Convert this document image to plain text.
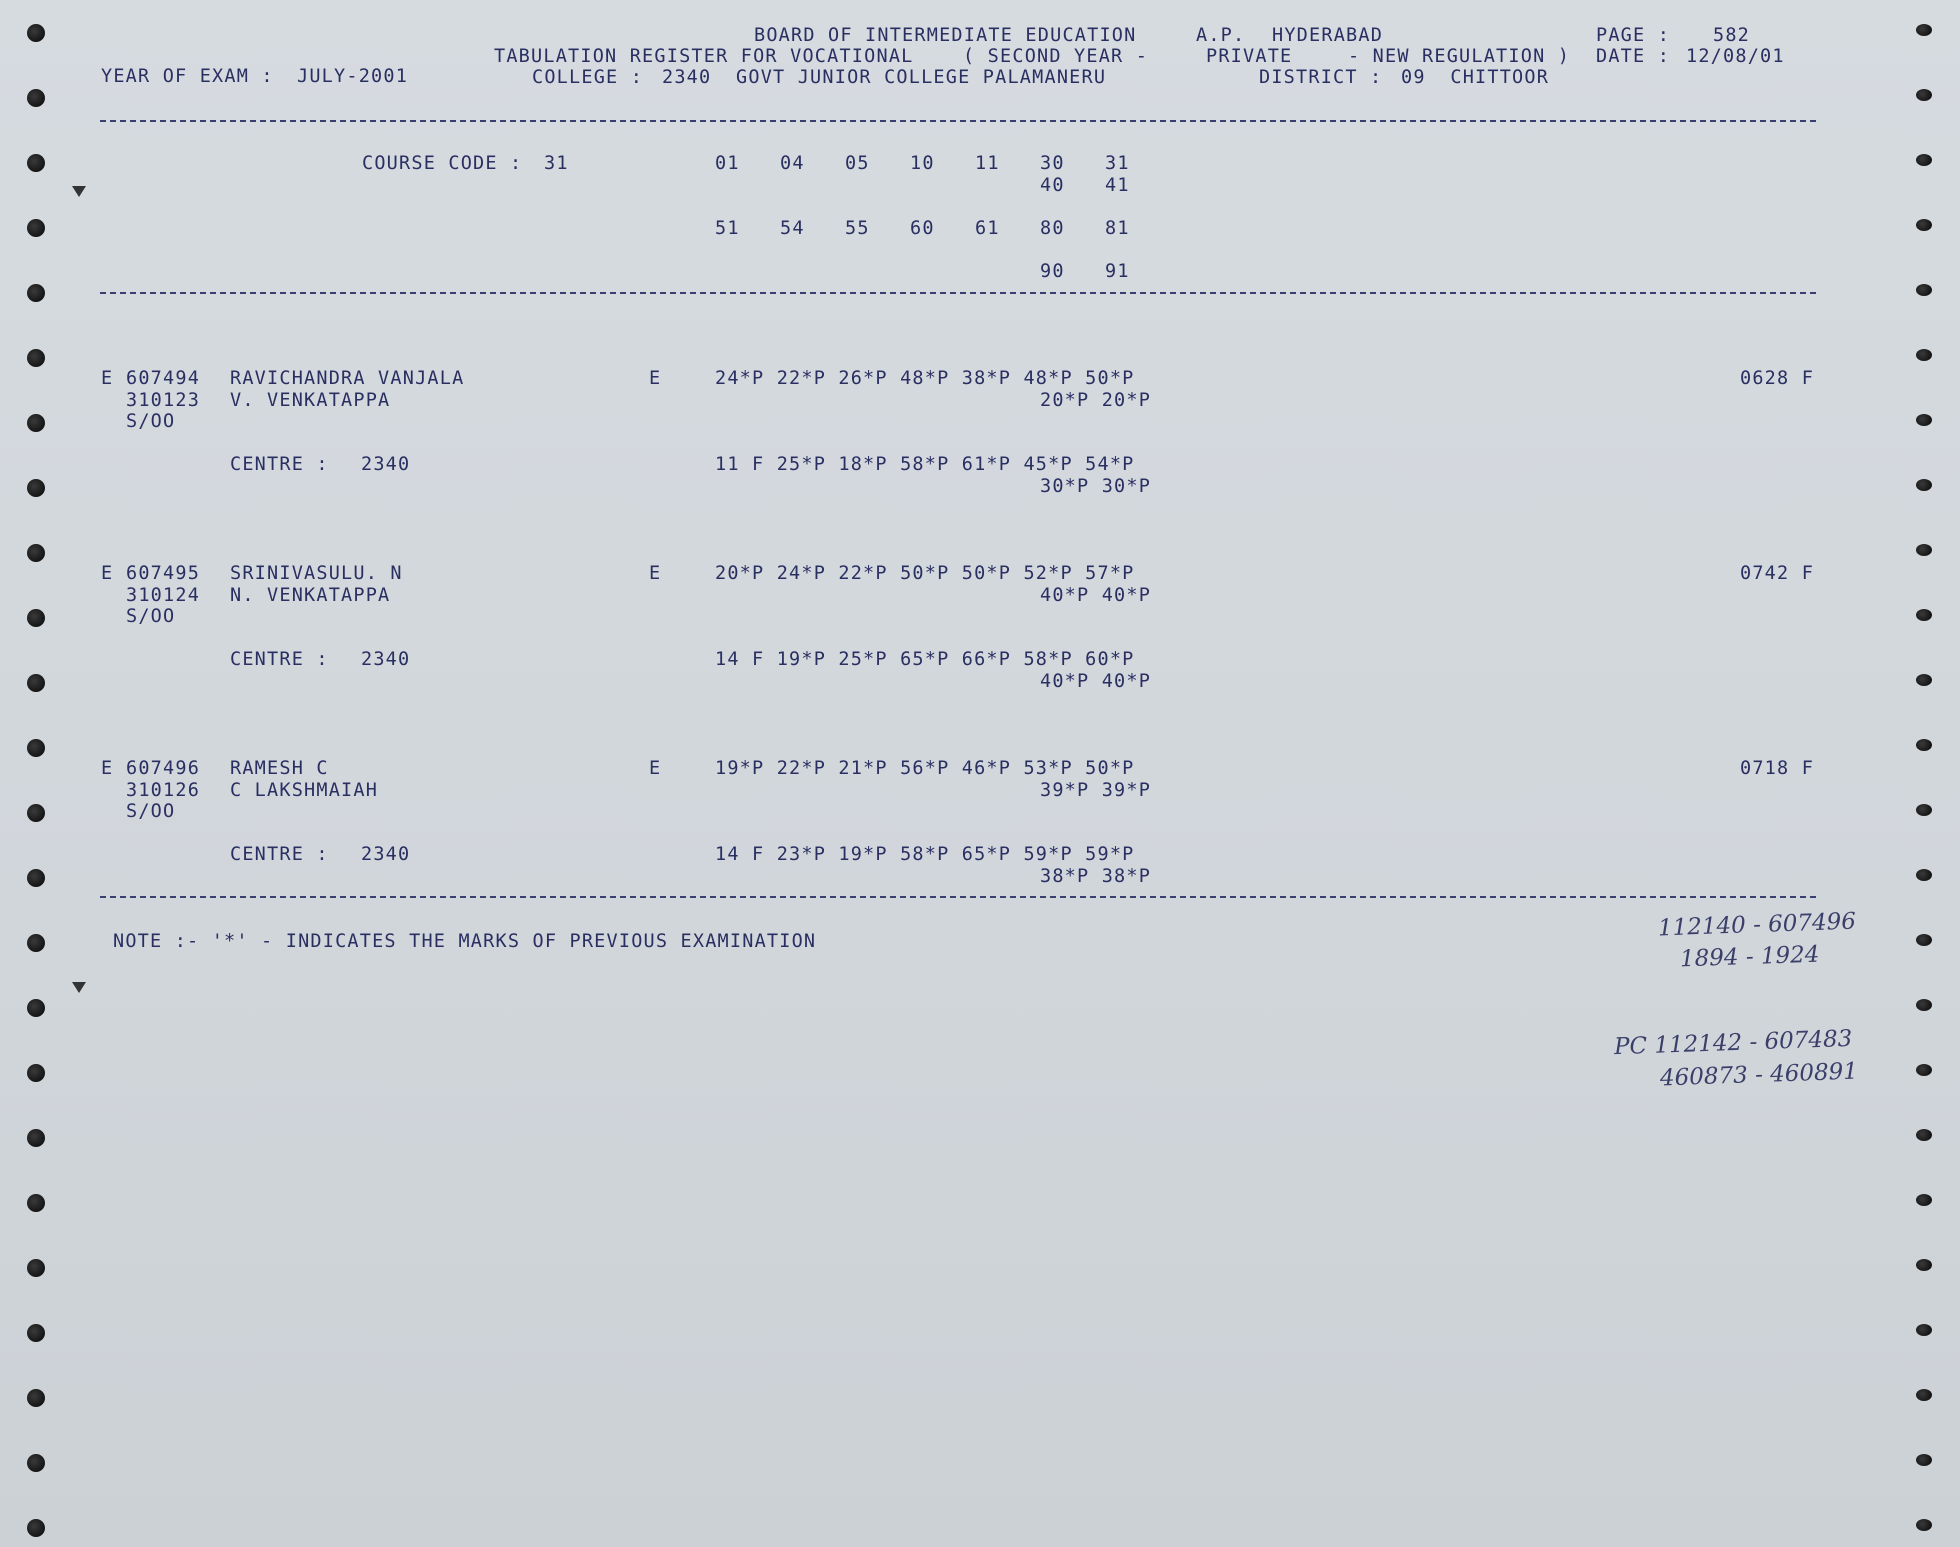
BOARD OF INTERMEDIATE EDUCATION	A.P. HYDERABAD	PAGE : 582
TABULATION REGISTER FOR VOCATIONAL	( SECOND YEAR -	PRIVATE	- NEW REGULATION ) DATE : 12/08/01
YEAR OF EXAM : JULY-2001	COLLEGE : 2340  GOVT JUNIOR COLLEGE PALAMANERU	DISTRICT : 09  CHITTOOR
COURSE CODE : 31	01 04 05 10 11 30 31
40 41
51 54 55 60 61 80 81
90 91
E 607494 RAVICHANDRA VANJALA	E	24*P 22*P 26*P 48*P 38*P 48*P 50*P	0628 F
310123 V. VENKATAPPA	20*P 20*P
S/OO
CENTRE : 2340	11 F 25*P 18*P 58*P 61*P 45*P 54*P
30*P 30*P
E 607495 SRINIVASULU. N	E	20*P 24*P 22*P 50*P 50*P 52*P 57*P	0742 F
310124 N. VENKATAPPA	40*P 40*P
S/OO
CENTRE : 2340	14 F 19*P 25*P 65*P 66*P 58*P 60*P
40*P 40*P
E 607496 RAMESH C	E	19*P 22*P 21*P 56*P 46*P 53*P 50*P	0718 F
310126 C LAKSHMAIAH	39*P 39*P
S/OO
CENTRE : 2340	14 F 23*P 19*P 58*P 65*P 59*P 59*P
38*P 38*P
NOTE :- '*' - INDICATES THE MARKS OF PREVIOUS EXAMINATION
112140 - 607496
1894 - 1924
PC 112142 - 607483
460873 - 460891
